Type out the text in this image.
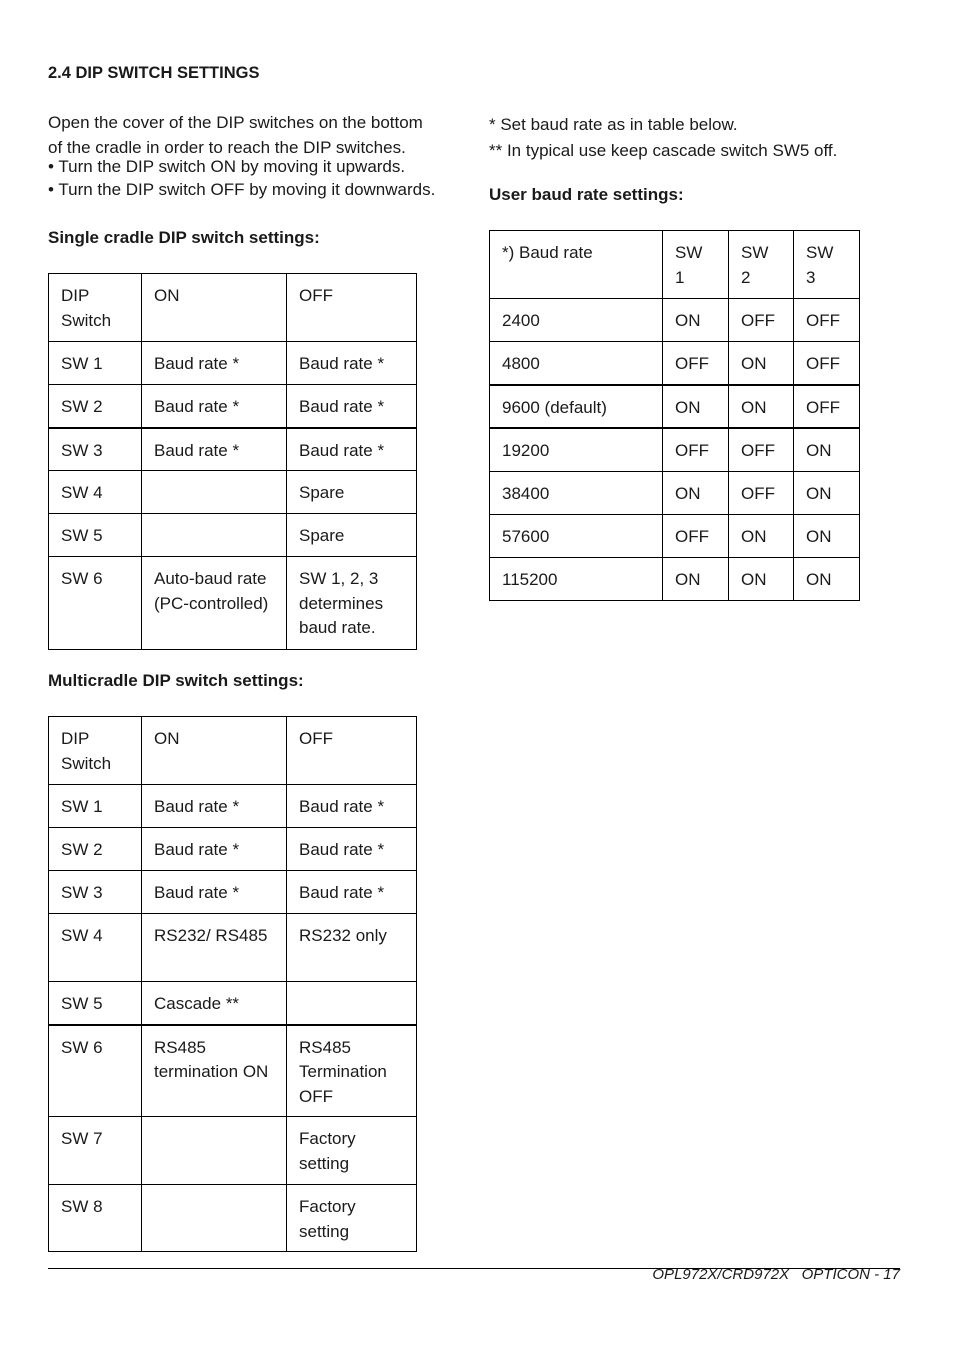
2.4 DIP SWITCH SETTINGS
Open the cover of the DIP switches on the bottom
of the cradle in order to reach the DIP switches.
• Turn the DIP switch ON by moving it upwards.
• Turn the DIP switch OFF by moving it downwards.
Single cradle DIP switch settings:
DIP Switch	ON	OFF
SW 1	Baud rate *	Baud rate *
SW 2	Baud rate *	Baud rate *
SW 3	Baud rate *	Baud rate *
SW 4		Spare
SW 5		Spare
SW 6	Auto-baud rate (PC-controlled)	SW 1, 2, 3 determines baud rate.
Multicradle DIP switch settings:
DIP Switch	ON	OFF
SW 1	Baud rate *	Baud rate *
SW 2	Baud rate *	Baud rate *
SW 3	Baud rate *	Baud rate *
SW 4	RS232/ RS485	RS232 only
SW 5	Cascade **	
SW 6	RS485 termination ON	RS485 Termination OFF
SW 7		Factory setting
SW 8		Factory setting
* Set baud rate as in table below.
** In typical use keep cascade switch SW5 off.
User baud rate settings:
*) Baud rate	SW 1	SW 2	SW 3
2400	ON	OFF	OFF
4800	OFF	ON	OFF
9600 (default)	ON	ON	OFF
19200	OFF	OFF	ON
38400	ON	OFF	ON
57600	OFF	ON	ON
115200	ON	ON	ON
OPL972X/CRD972X   OPTICON - 17
